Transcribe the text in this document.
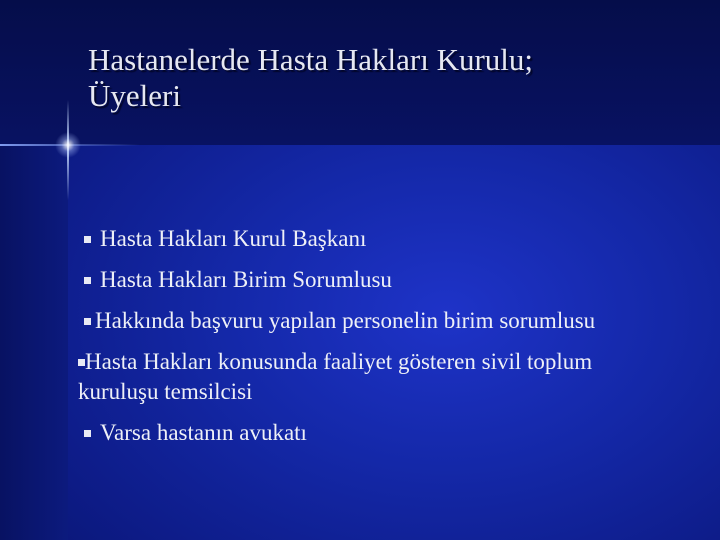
Hastanelerde Hasta Hakları Kurulu;
Üyeleri
Hasta Hakları Kurul Başkanı
Hasta Hakları Birim Sorumlusu
Hakkında başvuru yapılan personelin birim sorumlusu
Hasta Hakları konusunda faaliyet gösteren sivil toplum kuruluşu temsilcisi
Varsa hastanın avukatı
